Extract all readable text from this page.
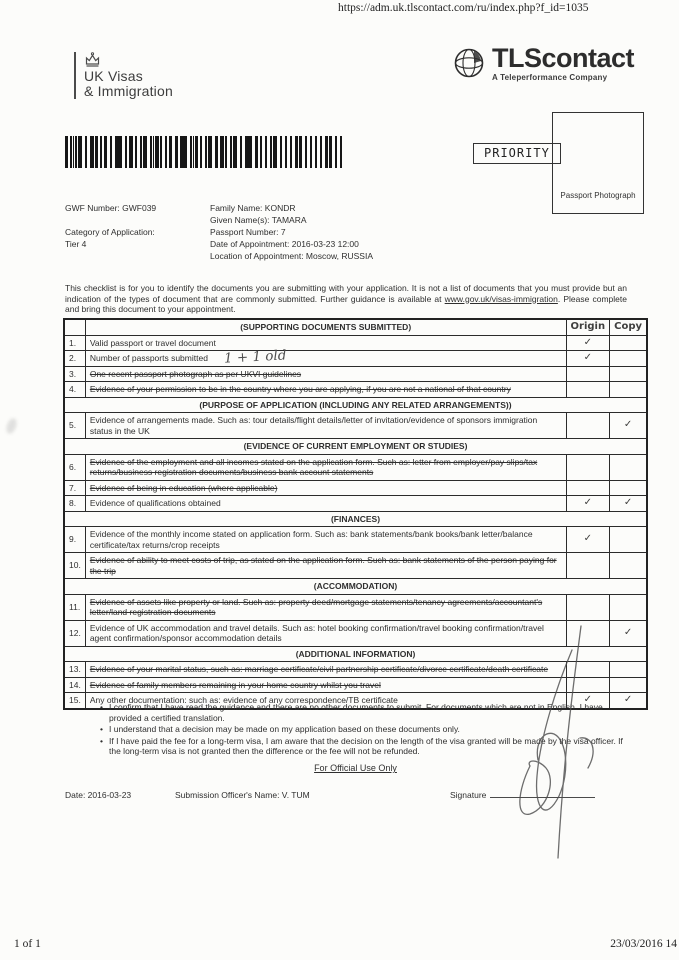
https://adm.uk.tlscontact.com/ru/index.php?f_id=1035
UK Visas
& Immigration
TLScontact
A Teleperformance Company
PRIORITY
Passport Photograph
GWF Number: GWF039
Category of Application:
Tier 4
Family Name: KONDR
Given Name(s): TAMARA
Passport Number: 7
Date of Appointment: 2016-03-23 12:00
Location of Appointment: Moscow, RUSSIA
This checklist is for you to identify the documents you are submitting with your application. It is not a list of documents that you must provide but an indication of the types of document that are commonly submitted. Further guidance is available at www.gov.uk/visas-immigration. Please complete and bring this document to your appointment.
	(SUPPORTING DOCUMENTS SUBMITTED)	Origin	Copy
1.	Valid passport or travel document	✓	
2.	Number of passports submitted 1 + 1 old	✓	
3.	One recent passport photograph as per UKVI guidelines		
4.	Evidence of your permission to be in the country where you are applying, if you are not a national of that country		
(PURPOSE OF APPLICATION (INCLUDING ANY RELATED ARRANGEMENTS))			
5.	Evidence of arrangements made. Such as: tour details/flight details/letter of invitation/evidence of sponsors immigration status in the UK		✓
(EVIDENCE OF CURRENT EMPLOYMENT OR STUDIES)			
6.	Evidence of the employment and all incomes stated on the application form. Such as: letter from employer/pay slips/tax returns/business registration documents/business bank account statements		
7.	Evidence of being in education (where applicable)		
8.	Evidence of qualifications obtained	✓	✓
(FINANCES)			
9.	Evidence of the monthly income stated on application form. Such as: bank statements/bank books/bank letter/balance certificate/tax returns/crop receipts	✓	
10.	Evidence of ability to meet costs of trip, as stated on the application form. Such as: bank statements of the person paying for the trip		
(ACCOMMODATION)			
11.	Evidence of assets like property or land. Such as: property deed/mortgage statements/tenancy agreements/accountant's letter/land registration documents		
12.	Evidence of UK accommodation and travel details. Such as: hotel booking confirmation/travel booking confirmation/travel agent confirmation/sponsor accommodation details		✓
(ADDITIONAL INFORMATION)			
13.	Evidence of your marital status, such as: marriage certificate/civil partnership certificate/divorce certificate/death certificate		
14.	Evidence of family members remaining in your home country whilst you travel		
15.	Any other documentation: such as: evidence of any correspondence/TB certificate	✓	✓
• I confirm that I have read the guidance and there are no other documents to submit. For documents which are not in English. I have provided a certified translation.
• I understand that a decision may be made on my application based on these documents only.
• If I have paid the fee for a long-term visa, I am aware that the decision on the length of the visa granted will be made by the visa officer. If the long-term visa is not granted then the difference or the fee will not be refunded.
For Official Use Only
Date: 2016-03-23	Submission Officer's Name: V. TUM	Signature
1 of 1	23/03/2016 14
